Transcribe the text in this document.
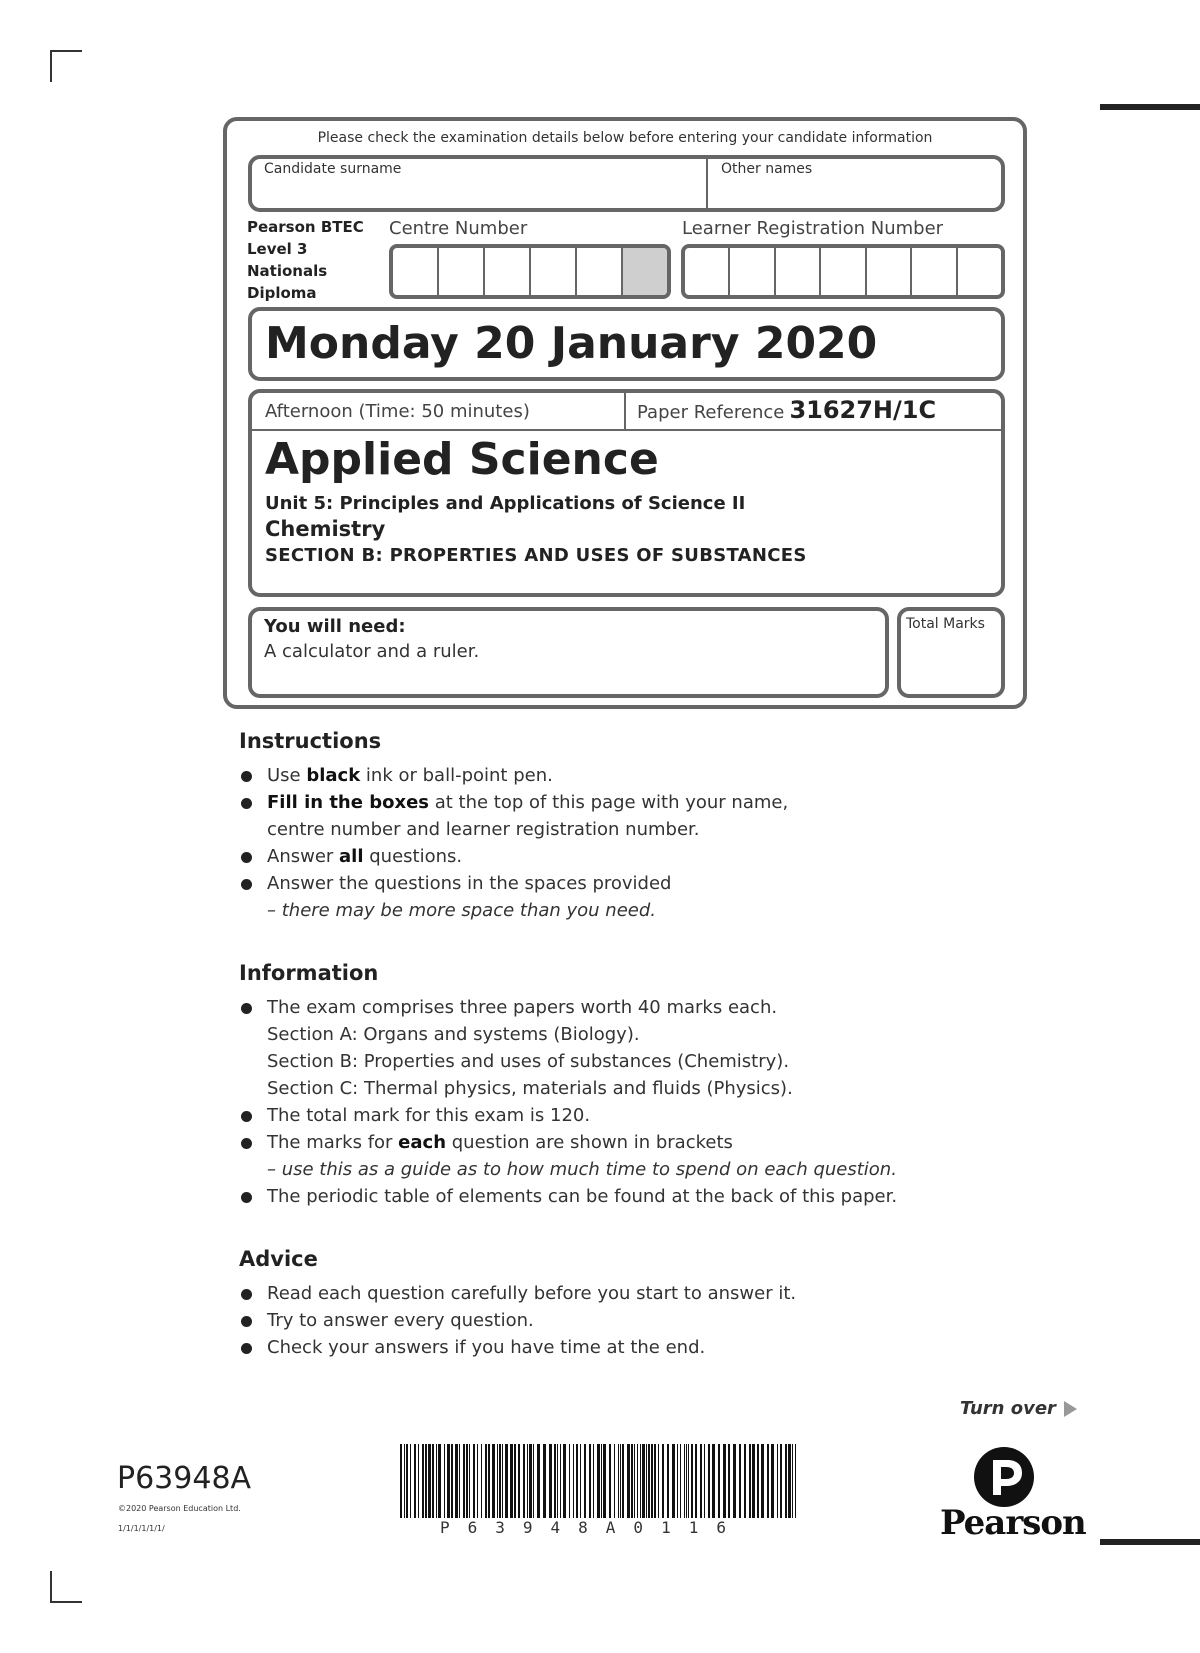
Please check the examination details below before entering your candidate information
Candidate surname	Other names
Pearson BTEC
Level 3
Nationals
Diploma
Centre Number	Learner Registration Number
Monday 20 January 2020
Afternoon (Time: 50 minutes)	Paper Reference 31627H/1C
Applied Science
Unit 5: Principles and Applications of Science II
Chemistry
SECTION B: PROPERTIES AND USES OF SUBSTANCES
You will need:
A calculator and a ruler.
Total Marks
Instructions
Use black ink or ball-point pen.
Fill in the boxes at the top of this page with your name,
centre number and learner registration number.
Answer all questions.
Answer the questions in the spaces provided
– there may be more space than you need.
Information
The exam comprises three papers worth 40 marks each.
Section A: Organs and systems (Biology).
Section B: Properties and uses of substances (Chemistry).
Section C: Thermal physics, materials and fluids (Physics).
The total mark for this exam is 120.
The marks for each question are shown in brackets
– use this as a guide as to how much time to spend on each question.
The periodic table of elements can be found at the back of this paper.
Advice
Read each question carefully before you start to answer it.
Try to answer every question.
Check your answers if you have time at the end.
Turn over
P63948A
©2020 Pearson Education Ltd.
1/1/1/1/1/1/	P63948A0116	Pearson
